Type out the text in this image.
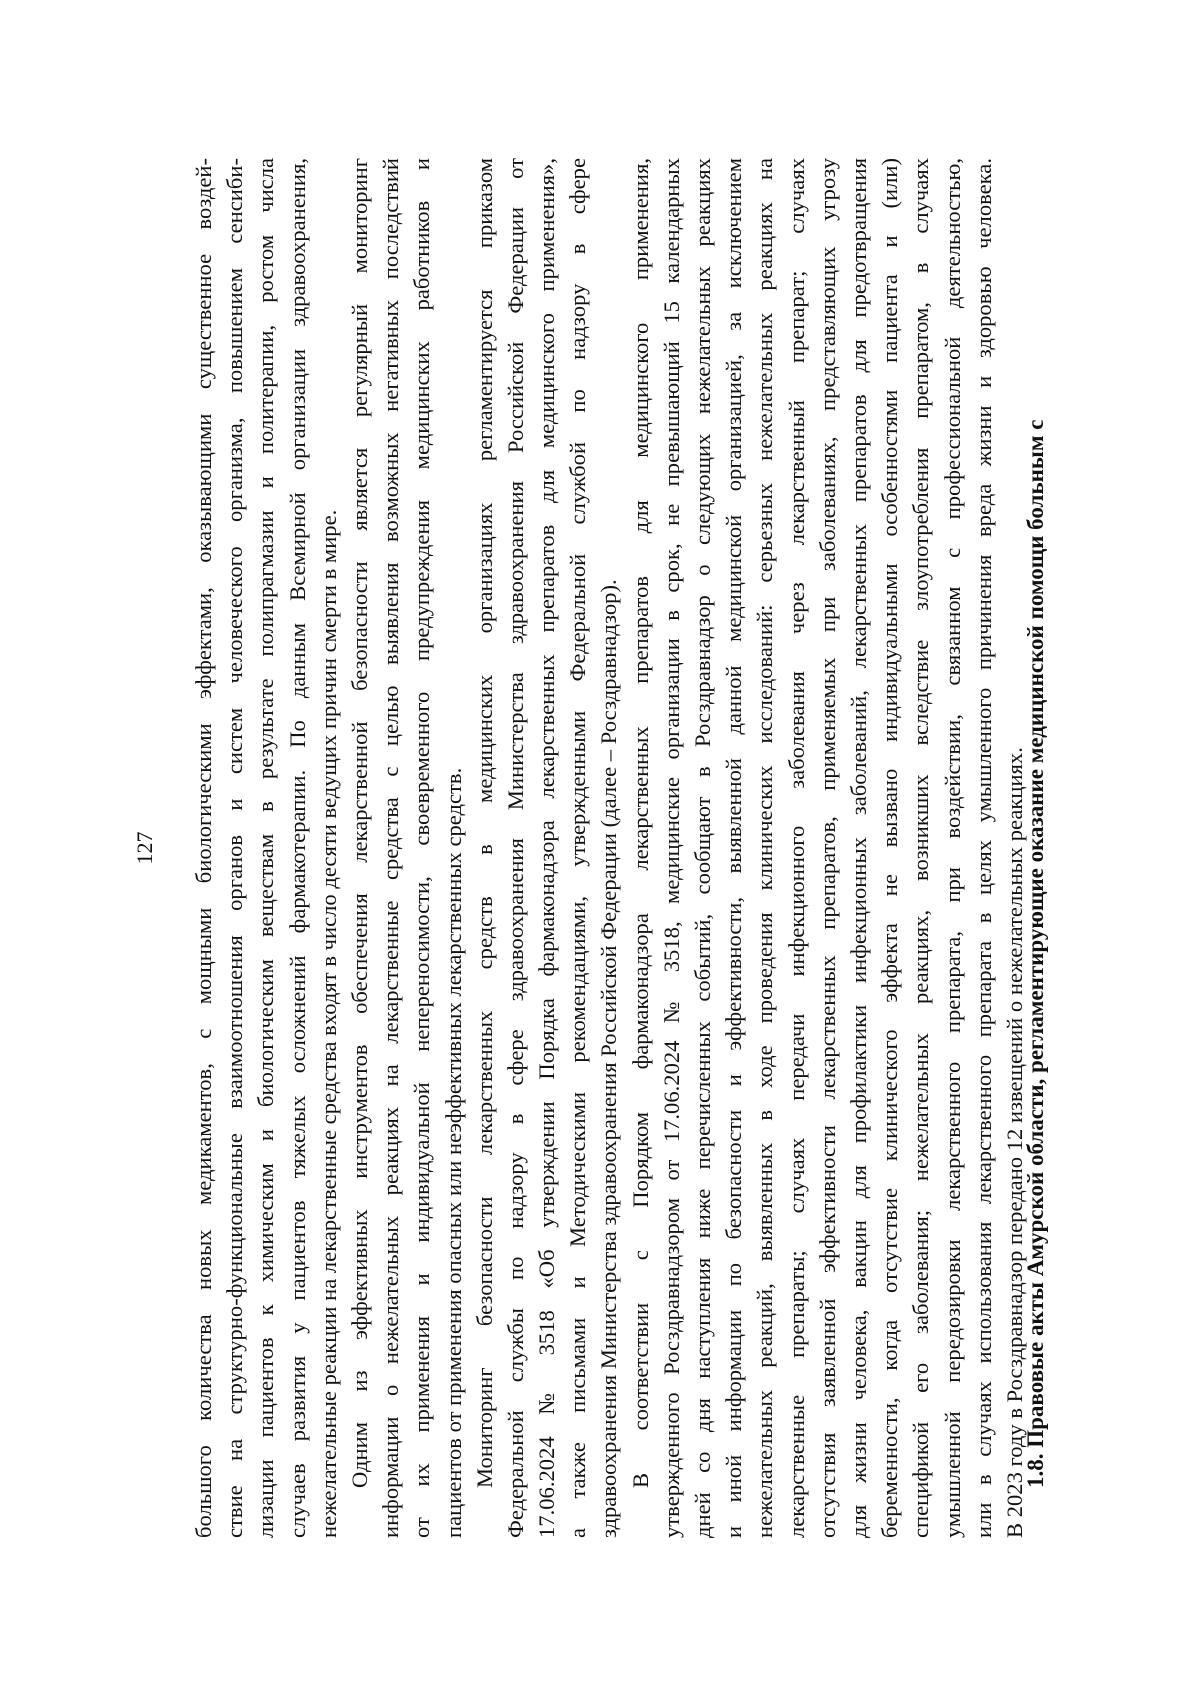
127 большого количества новых медикаментов, с мощными биологическими эффектами, оказывающими существенное воздей- ствие на структурно-функциональные взаимоотношения органов и систем человеческого организма, повышением сенсиби- лизации пациентов к химическим и биологическим веществам в результате полипрагмазии и политерапии, ростом числа случаев развития у пациентов тяжелых осложнений фармакотерапии. По данным Всемирной организации здравоохранения, нежелательные реакции на лекарственные средства входят в число десяти ведущих причин смерти в мире. Одним из эффективных инструментов обеспечения лекарственной безопасности является регулярный мониторинг информации о нежелательных реакциях на лекарственные средства с целью выявления возможных негативных последствий от их применения и индивидуальной непереносимости, своевременного предупреждения медицинских работников и пациентов от применения опасных или неэффективных лекарственных средств. Мониторинг безопасности лекарственных средств в медицинских организациях регламентируется приказом Федеральной службы по надзору в сфере здравоохранения Министерства здравоохранения Российской Федерации от 17.06.2024 № 3518 «Об утверждении Порядка фармаконадзора лекарственных препаратов для медицинского применения», а также письмами и Методическими рекомендациями, утвержденными Федеральной службой по надзору в сфере здравоохранения Министерства здравоохранения Российской Федерации (далее – Росздравнадзор). В соответствии с Порядком фармаконадзора лекарственных препаратов для медицинского применения, утвержденного Росздравнадзором от 17.06.2024 № 3518, медицинские организации в срок, не превышающий 15 календарных дней со дня наступления ниже перечисленных событий, сообщают в Росздравнадзор о следующих нежелательных реакциях и иной информации по безопасности и эффективности, выявленной данной медицинской организацией, за исключением нежелательных реакций, выявленных в ходе проведения клинических исследований: серьезных нежелательных реакциях на лекарственные препараты; случаях передачи инфекционного заболевания через лекарственный препарат; случаях отсутствия заявленной эффективности лекарственных препаратов, применяемых при заболеваниях, представляющих угрозу для жизни человека, вакцин для профилактики инфекционных заболеваний, лекарственных препаратов для предотвращения беременности, когда отсутствие клинического эффекта не вызвано индивидуальными особенностями пациента и (или) спецификой его заболевания; нежелательных реакциях, возникших вследствие злоупотребления препаратом, в случаях умышленной передозировки лекарственного препарата, при воздействии, связанном с профессиональной деятельностью, или в случаях использования лекарственного препарата в целях умышленного причинения вреда жизни и здоровью человека. В 2023 году в Росздравнадзор передано 12 извещений о нежелательных реакциях.
1.8. Правовые акты Амурской области, регламентирующие оказание медицинской помощи больным с
